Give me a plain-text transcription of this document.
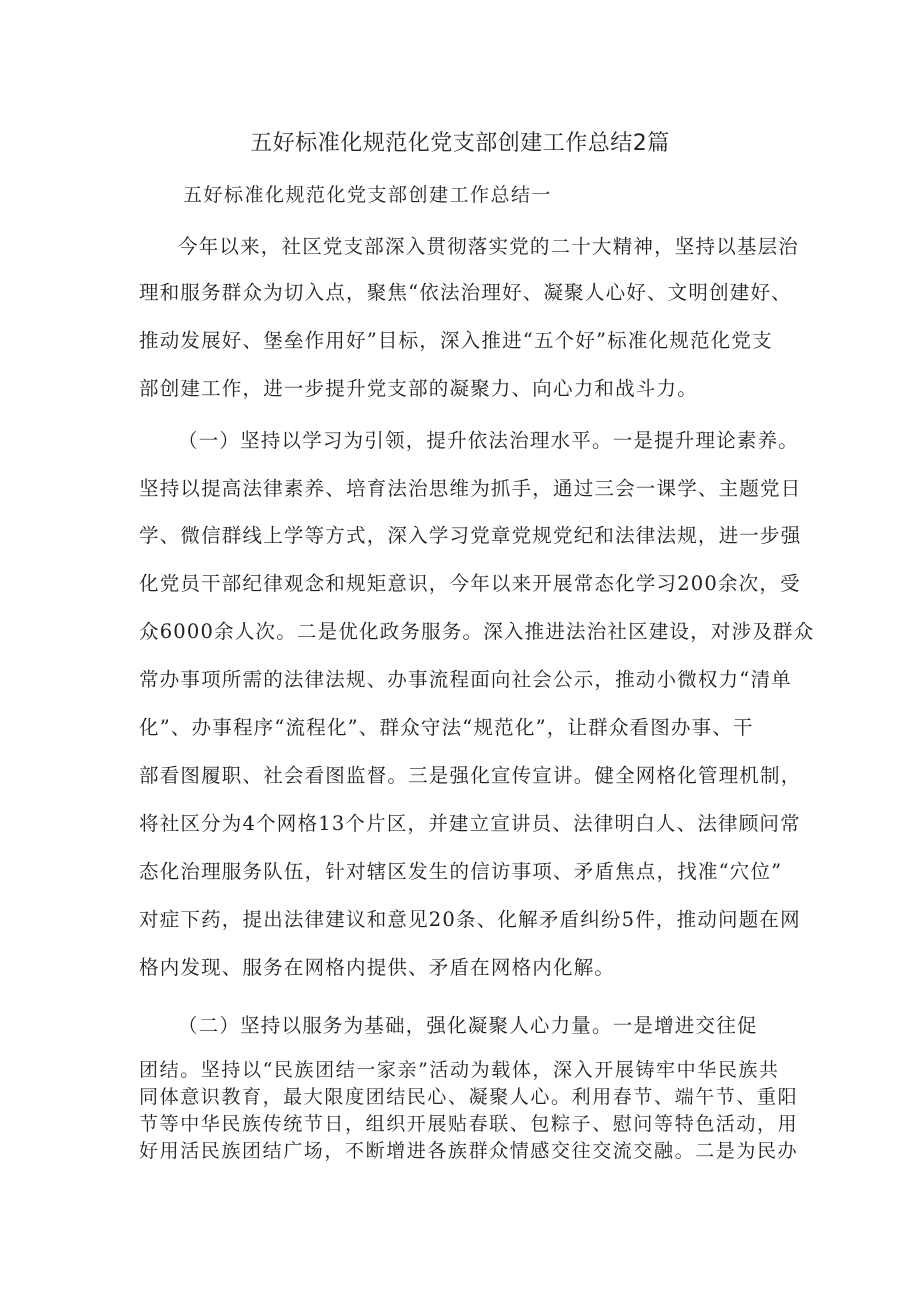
五好标准化规范化党支部创建工作总结2篇
五好标准化规范化党支部创建工作总结一
今年以来，社区党支部深入贯彻落实党的二十大精神，坚持以基层治
理和服务群众为切入点，聚焦“依法治理好、凝聚人心好、文明创建好、
推动发展好、堡垒作用好”目标，深入推进“五个好”标准化规范化党支
部创建工作，进一步提升党支部的凝聚力、向心力和战斗力。
（一）坚持以学习为引领，提升依法治理水平。一是提升理论素养。
坚持以提高法律素养、培育法治思维为抓手，通过三会一课学、主题党日
学、微信群线上学等方式，深入学习党章党规党纪和法律法规，进一步强
化党员干部纪律观念和规矩意识，今年以来开展常态化学习200余次，受
众6000余人次。二是优化政务服务。深入推进法治社区建设，对涉及群众
常办事项所需的法律法规、办事流程面向社会公示，推动小微权力“清单
化”、办事程序“流程化”、群众守法“规范化”，让群众看图办事、干
部看图履职、社会看图监督。三是强化宣传宣讲。健全网格化管理机制，
将社区分为4个网格13个片区，并建立宣讲员、法律明白人、法律顾问常
态化治理服务队伍，针对辖区发生的信访事项、矛盾焦点，找准“穴位”
对症下药，提出法律建议和意见20条、化解矛盾纠纷5件，推动问题在网
格内发现、服务在网格内提供、矛盾在网格内化解。
（二）坚持以服务为基础，强化凝聚人心力量。一是增进交往促
团结。坚持以“民族团结一家亲”活动为载体，深入开展铸牢中华民族共
同体意识教育，最大限度团结民心、凝聚人心。利用春节、端午节、重阳
节等中华民族传统节日，组织开展贴春联、包粽子、慰问等特色活动，用
好用活民族团结广场，不断增进各族群众情感交往交流交融。二是为民办
